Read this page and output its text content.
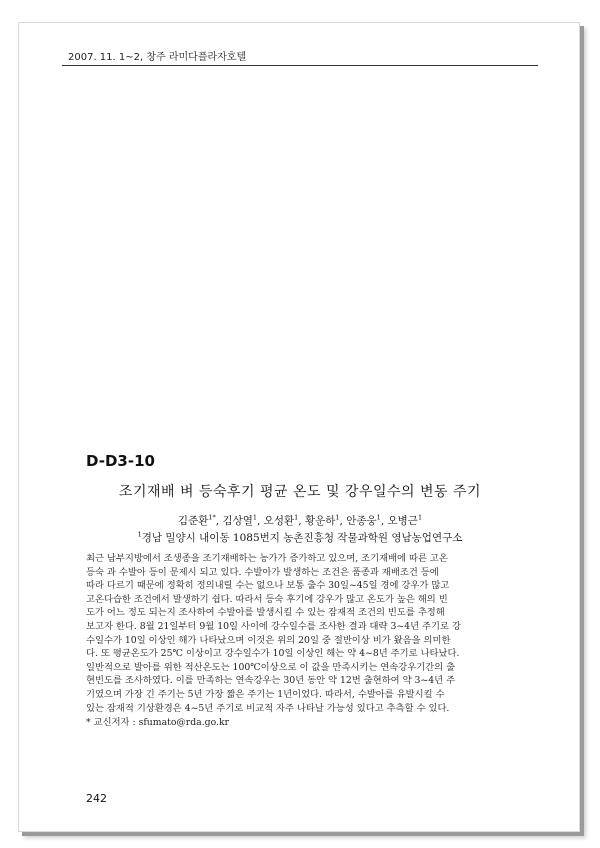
2007. 11. 1~2, 창주 라미다플라자호텔
D-D3-10
조기재배 벼 등숙후기 평균 온도 및 강우일수의 변동 주기
김준환$^{1*}$, 김상열$^1$, 오성환$^1$, 황운하$^1$, 안종웅$^1$, 오병근$^1$
$^1$경남 밀양시 내이동 1085번지 농촌진흥청 작물과학원 영남농업연구소
최근 남부지방에서 조생종을 조기재배하는 농가가 증가하고 있으며, 조기재배에 따른 고온
등숙 과 수발아 등이 문제시 되고 있다. 수발아가 발생하는 조건은 품종과 재배조건 등에
따라 다르기 때문에 정확히 정의내릴 수는 없으나 보통 출수 30일~45일 경에 강우가 많고
고온다습한 조건에서 발생하기 쉽다. 따라서 등숙 후기에 강우가 많고 온도가 높은 해의 빈
도가 어느 정도 되는지 조사하여 수발아를 발생시킬 수 있는 잠재적 조건의 빈도를 추정해
보고자 한다. 8월 21일부터 9월 10일 사이에 강수일수를 조사한 결과 대략 3~4년 주기로 강
수일수가 10일 이상인 해가 나타났으며 이것은 위의 20일 중 절반이상 비가 왔음을 의미한
다. 또 평균온도가 25℃ 이상이고 강수일수가 10일 이상인 해는 약 4~8년 주기로 나타났다.
일반적으로 발아를 위한 적산온도는 100℃이상으로 이 값을 만족시키는 연속강우기간의 출
현빈도를 조사하였다. 이를 만족하는 연속강우는 30년 동안 약 12번 출현하여 약 3~4년 주
기였으며 가장 긴 주기는 5년 가장 짧은 주기는 1년이었다. 따라서, 수발아를 유발시킬 수
있는 잠재적 기상환경은 4~5년 주기로 비교적 자주 나타날 가능성 있다고 추측할 수 있다.
* 교신저자 : sfumato@rda.go.kr
242
